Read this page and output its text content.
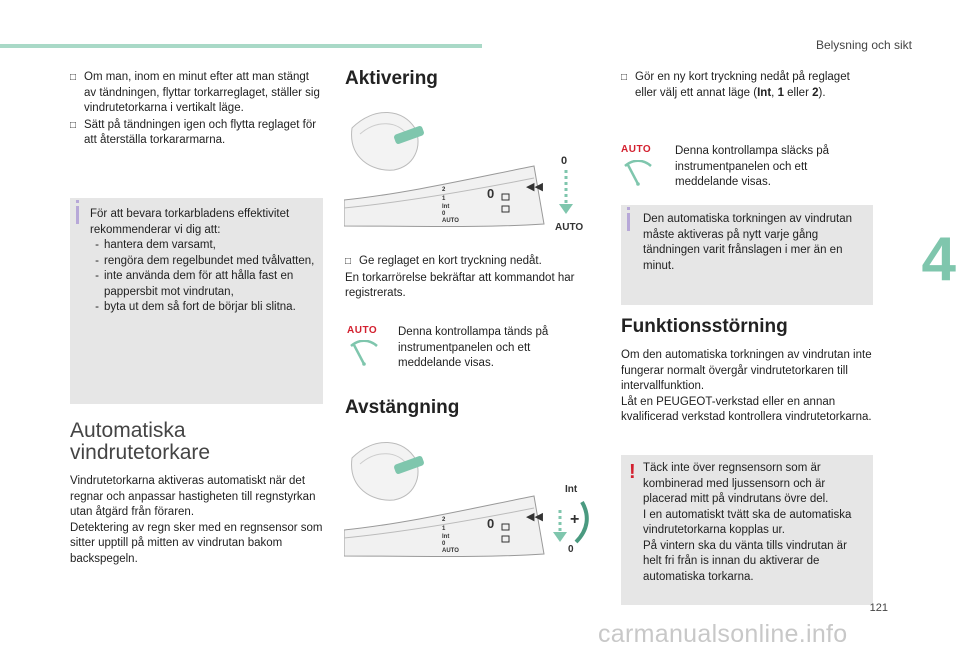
Belysning och sikt
4
□ Om man, inom en minut efter att man stängt av tändningen, flyttar torkarreglaget, ställer sig vindrutetorkarna i vertikalt läge.
□ Sätt på tändningen igen och flytta reglaget för att återställa torkararmarna.
För att bevara torkarbladens effektivitet rekommenderar vi dig att:
- hantera dem varsamt,
- rengöra dem regelbundet med tvålvatten,
- inte använda dem för att hålla fast en pappersbit mot vindrutan,
- byta ut dem så fort de börjar bli slitna.
Automatiska vindrutetorkare
Vindrutetorkarna aktiveras automatiskt när det regnar och anpassar hastigheten till regnstyrkan utan åtgärd från föraren.
Detektering av regn sker med en regnsensor som sitter upptill på mitten av vindrutan bakom backspegeln.
Aktivering
2
1
Int
0
AUTO
0	◀◀
0
AUTO
□ Ge reglaget en kort tryckning nedåt.
En torkarrörelse bekräftar att kommandot har registrerats.
AUTO Denna kontrollampa tänds på instrumentpanelen och ett meddelande visas.
Avstängning
2
1
Int
0
AUTO
0	◀◀ +
Int
0
□ Gör en ny kort tryckning nedåt på reglaget eller välj ett annat läge (Int, 1 eller 2).
AUTO Denna kontrollampa släcks på instrumentpanelen och ett meddelande visas.
Den automatiska torkningen av vindrutan måste aktiveras på nytt varje gång tändningen varit frånslagen i mer än en minut.
Funktionsstörning
Om den automatiska torkningen av vindrutan inte fungerar normalt övergår vindrutetorkaren till intervallfunktion.
Låt en PEUGEOT-verkstad eller en annan kvalificerad verkstad kontrollera vindrutetorkarna.
! Täck inte över regnsensorn som är kombinerad med ljussensorn och är placerad mitt på vindrutans övre del.
I en automatiskt tvätt ska de automatiska vindrutetorkarna kopplas ur.
På vintern ska du vänta tills vindrutan är helt fri från is innan du aktiverar de automatiska torkarna.
121
carmanualsonline.info
